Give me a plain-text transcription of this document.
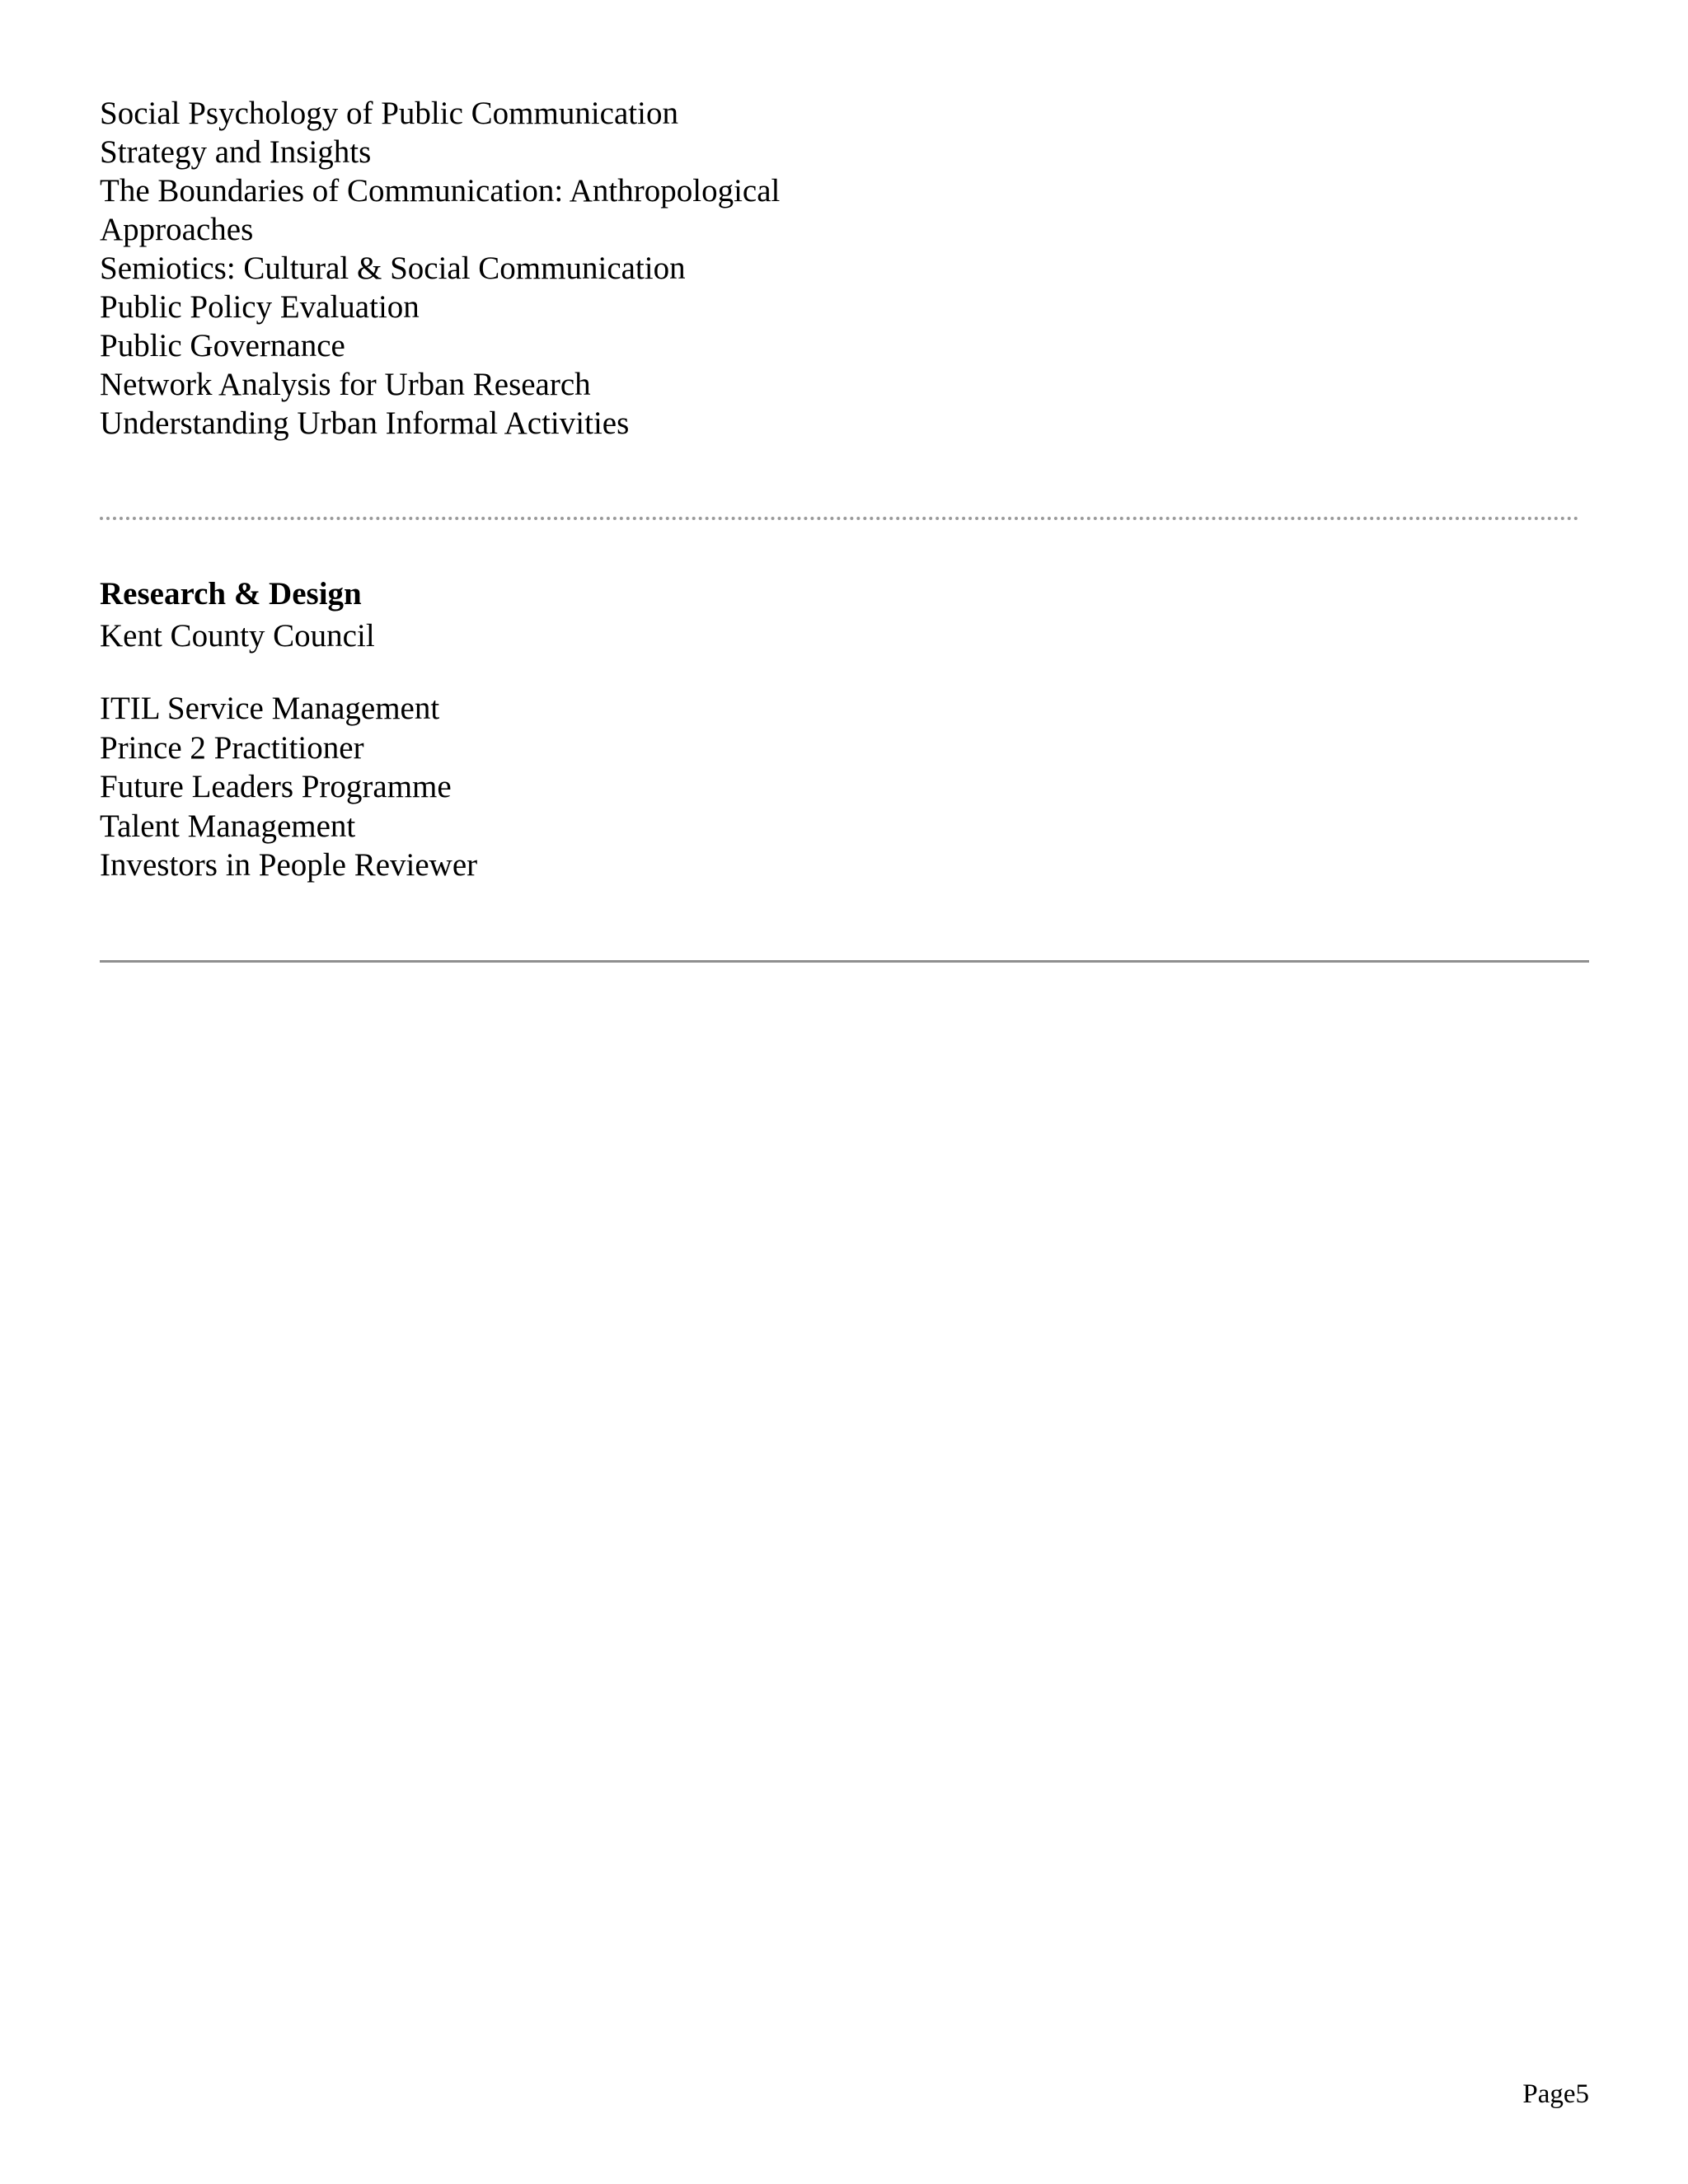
Social Psychology of Public Communication
Strategy and Insights
The Boundaries of Communication: Anthropological
Approaches
Semiotics: Cultural & Social Communication
Public Policy Evaluation
Public Governance
Network Analysis for Urban Research
Understanding Urban Informal Activities
Research & Design
Kent County Council
ITIL Service Management
Prince 2 Practitioner
Future Leaders Programme
Talent Management
Investors in People Reviewer
Page5
